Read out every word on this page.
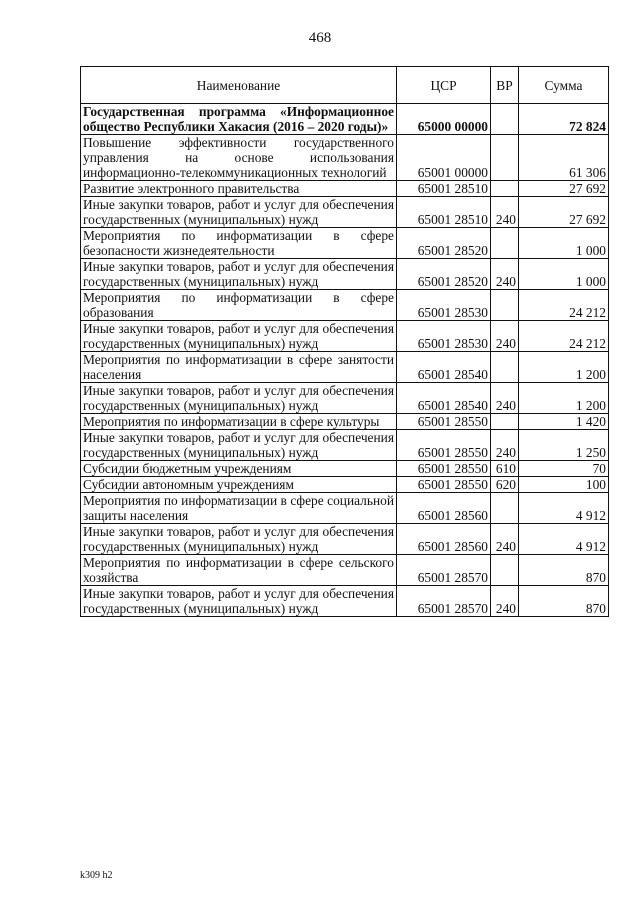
468
Наименование	ЦСР	ВР	Сумма
Государственная программа «Информационное общество Республики Хакасия (2016 – 2020 годы)»	65000 00000		72 824
Повышение эффективности государственного управления на основе использования информационно-телекоммуникационных технологий	65001 00000		61 306
Развитие электронного правительства	65001 28510		27 692
Иные закупки товаров, работ и услуг для обеспечения государственных (муниципальных) нужд	65001 28510	240	27 692
Мероприятия по информатизации в сфере безопасности жизнедеятельности	65001 28520		1 000
Иные закупки товаров, работ и услуг для обеспечения государственных (муниципальных) нужд	65001 28520	240	1 000
Мероприятия по информатизации в сфере образования	65001 28530		24 212
Иные закупки товаров, работ и услуг для обеспечения государственных (муниципальных) нужд	65001 28530	240	24 212
Мероприятия по информатизации в сфере занятости населения	65001 28540		1 200
Иные закупки товаров, работ и услуг для обеспечения государственных (муниципальных) нужд	65001 28540	240	1 200
Мероприятия по информатизации в сфере культуры	65001 28550		1 420
Иные закупки товаров, работ и услуг для обеспечения государственных (муниципальных) нужд	65001 28550	240	1 250
Субсидии бюджетным учреждениям	65001 28550	610	70
Субсидии автономным учреждениям	65001 28550	620	100
Мероприятия по информатизации в сфере социальной защиты населения	65001 28560		4 912
Иные закупки товаров, работ и услуг для обеспечения государственных (муниципальных) нужд	65001 28560	240	4 912
Мероприятия по информатизации в сфере сельского хозяйства	65001 28570		870
Иные закупки товаров, работ и услуг для обеспечения государственных (муниципальных) нужд	65001 28570	240	870
k309 h2
